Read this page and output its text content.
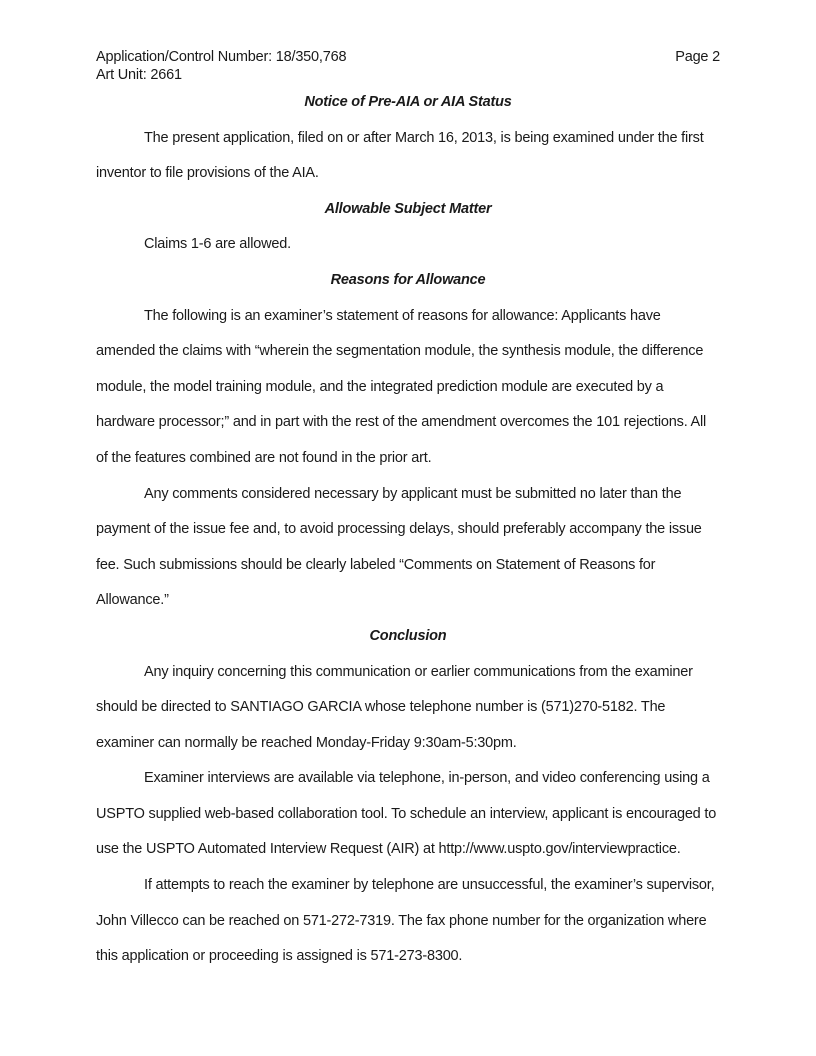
Application/Control Number: 18/350,768	Page 2
Art Unit: 2661
Notice of Pre-AIA or AIA Status

The present application, filed on or after March 16, 2013, is being examined under the first inventor to file provisions of the AIA.

Allowable Subject Matter

Claims 1-6 are allowed.

Reasons for Allowance

The following is an examiner’s statement of reasons for allowance: Applicants have amended the claims with “wherein the segmentation module, the synthesis module, the difference module, the model training module, and the integrated prediction module are executed by a hardware processor;” and in part with the rest of the amendment overcomes the 101 rejections. All of the features combined are not found in the prior art.

Any comments considered necessary by applicant must be submitted no later than the payment of the issue fee and, to avoid processing delays, should preferably accompany the issue fee. Such submissions should be clearly labeled “Comments on Statement of Reasons for Allowance.”

Conclusion

Any inquiry concerning this communication or earlier communications from the examiner should be directed to SANTIAGO GARCIA whose telephone number is (571)270-5182. The examiner can normally be reached Monday-Friday 9:30am-5:30pm.

Examiner interviews are available via telephone, in-person, and video conferencing using a USPTO supplied web-based collaboration tool. To schedule an interview, applicant is encouraged to use the USPTO Automated Interview Request (AIR) at http://www.uspto.gov/interviewpractice.

If attempts to reach the examiner by telephone are unsuccessful, the examiner’s supervisor, John Villecco can be reached on 571-272-7319. The fax phone number for the organization where this application or proceeding is assigned is 571-273-8300.
